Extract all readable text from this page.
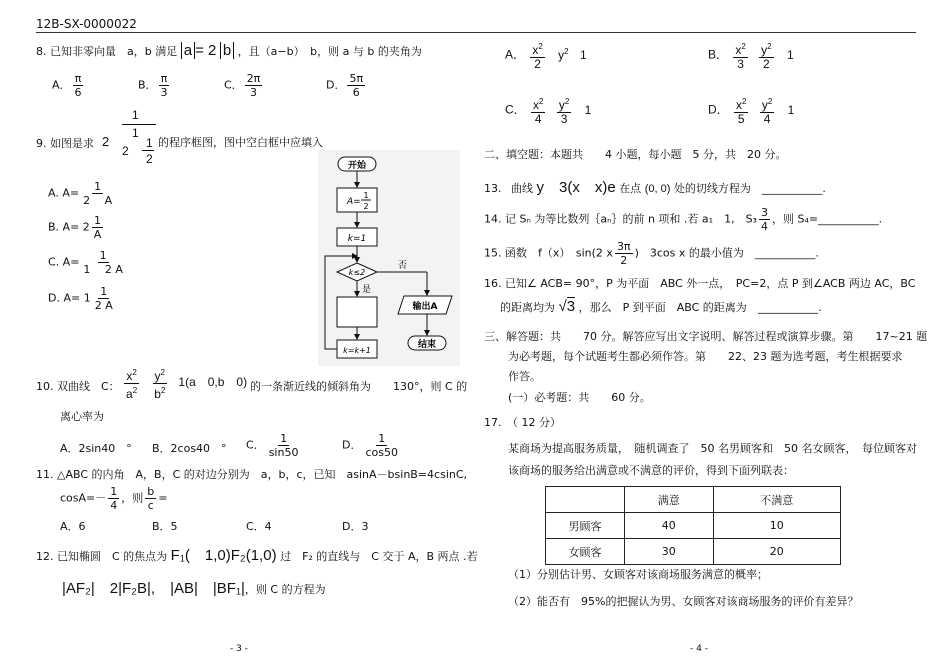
12B-SX-0000022
8. 已知非零向量　a，b 满足 a = 2 b ，且（a−b）　b，则 a 与 b 的夹角为
A． $\frac{\pi}{6}$	B． $\frac{\pi}{3}$	C． $\frac{2\pi}{3}$	D． $\frac{5\pi}{6}$
9. 如图是求 2
1
1
2
1
2
的程序框图，图中空白框中应填入
A. $A= \frac{1}{2 A}$
B. $A= 2 \frac{1}{A}$
C. $A= \frac{1}{1 2 A}$
D. $A= 1 \frac{1}{2 A}$
开始
A=
1
2
k=1
k≤2
否
输出A
结束
是
k=k+1
10. 双曲线　C： $\frac{x^2}{a^2}$
$\frac{y^2}{b^2} 1(a$　0,b　0) 的一条渐近线的倾斜角为　　130°，则 C 的
离心率为
A．2sin40　° B．2cos40　° C． $\frac{1}{\sin 50}$	D． $\frac{1}{\cos 50}$
11. △ABC 的内角　A，B，C 的对边分别为　a，b，c，已知　asinA－bsinB=4csinC,
$\cos A=- \frac{1}{4}$ ，则 $\frac{b}{c}$ =
A．6	B．5	C．4	D．3
12. 已知椭圆　C 的焦点为 F₁(　1,0)F₂(1,0) 过　F₂ 的直线与　C 交于 A，B 两点 .若
|AF₂|　2|F₂B|,　|AB|　|BF₁|，则 C 的方程为
- 3 -
A． $\frac{x^2}{2} y^2$ 1	B． $\frac{x^2}{3}$
$\frac{y^2}{2} 1$
C． $\frac{x^2}{4}$
$\frac{y^2}{3} 1$	D． $\frac{x^2}{5}$
$\frac{y^2}{4} 1$
二、填空题：本题共　　4 小题，每小题　5 分，共　20 分。
13. 曲线 y　3(x　x)e 在点 (0, 0) 处的切线方程为　___________.
14. 记 Sₙ 为等比数列｛aₙ｝的前 n 项和 .若 a₁　1,　$S_3 \frac{3}{4}$ ，则 S₄=___________.
15. 函数　f（x）　sin(2 x $\frac{3\pi}{2}$ )　3cos x 的最小值为　___________.
16. 已知∠ ACB= 90°，P 为平面　ABC 外一点，　PC=2，点 P 到∠ACB 两边 AC，BC
的距离均为 √3 ，那么　P 到平面　ABC 的距离为　___________.
三、解答题：共　　70 分。解答应写出文字说明、解答过程或演算步骤。第　　17~21 题
为必考题，每个试题考生都必须作答。第　　22、23 题为选考题，考生根据要求
作答。
(一）必考题：共　　60 分。
17.　（ 12 分）
某商场为提高服务质量，　随机调查了　50 名男顾客和　50 名女顾客，　每位顾客对
该商场的服务给出满意或不满意的评价，得到下面列联表：
	满意	不满意
男顾客	40	10
女顾客	30	20
（1）分别估计男、女顾客对该商场服务满意的概率；
（2）能否有　95%的把握认为男、女顾客对该商场服务的评价有差异？
- 4 -
